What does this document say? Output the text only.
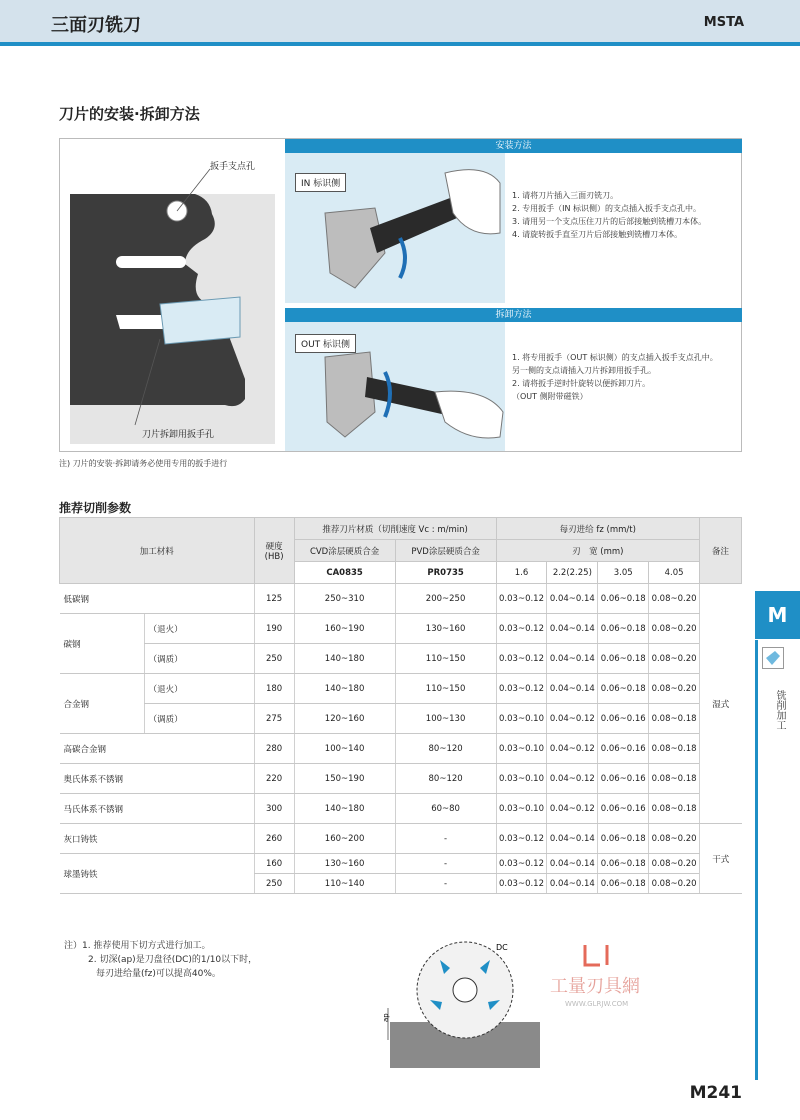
三面刃铣刀	MSTA
刀片的安装·拆卸方法
扳手支点孔
刀片拆卸用扳手孔
安装方法
IN 标识侧
1. 请将刀片插入三面刃铣刀。
2. 专用扳手（IN 标识侧）的支点插入扳手支点孔中。
3. 请用另一个支点压住刀片的后部接触到铣槽刀本体。
4. 请旋转扳手直至刀片后部接触到铣槽刀本体。
拆卸方法
OUT 标识侧
1. 将专用扳手（OUT 标识侧）的支点插入扳手支点孔中。
另一侧的支点请插入刀片拆卸用扳手孔。
2. 请将扳手逆时针旋转以便拆卸刀片。
（OUT 侧附带磁铁）
注) 刀片的安装·拆卸请务必使用专用的扳手进行
推荐切削参数
加工材料		硬度
(HB)	推荐刀片材质（切削速度 Vc : m/min)		每刃进给 fz (mm/t)				备注
			CVD涂层硬质合金	PVD涂层硬质合金	刃　宽 (mm)				
			CA0835	PR0735	1.6	2.2(2.25)	3.05	4.05	
低碳钢		125	250~310	200~250	0.03~0.12	0.04~0.14	0.06~0.18	0.08~0.20	湿式
碳钢	（退火）	190	160~190	130~160	0.03~0.12	0.04~0.14	0.06~0.18	0.08~0.20	
	（调质）	250	140~180	110~150	0.03~0.12	0.04~0.14	0.06~0.18	0.08~0.20	
合金钢	（退火）	180	140~180	110~150	0.03~0.12	0.04~0.14	0.06~0.18	0.08~0.20	
	（调质）	275	120~160	100~130	0.03~0.10	0.04~0.12	0.06~0.16	0.08~0.18	
高碳合金钢		280	100~140	80~120	0.03~0.10	0.04~0.12	0.06~0.16	0.08~0.18	
奥氏体系不锈钢		220	150~190	80~120	0.03~0.10	0.04~0.12	0.06~0.16	0.08~0.18	
马氏体系不锈钢		300	140~180	60~80	0.03~0.10	0.04~0.12	0.06~0.16	0.08~0.18	
灰口铸铁		260	160~200	-	0.03~0.12	0.04~0.14	0.06~0.18	0.08~0.20	干式
球墨铸铁		160	130~160	-	0.03~0.12	0.04~0.14	0.06~0.18	0.08~0.20	
		250	110~140	-	0.03~0.12	0.04~0.14	0.06~0.18	0.08~0.20	
M
铣削加工
注）1. 推荐使用下切方式进行加工。
2. 切深(ap)是刀盘径(DC)的1/10以下时，
每刃进给量(fz)可以提高40%。
DC
ap
工量刃具網
WWW.GLRJW.COM
M241
